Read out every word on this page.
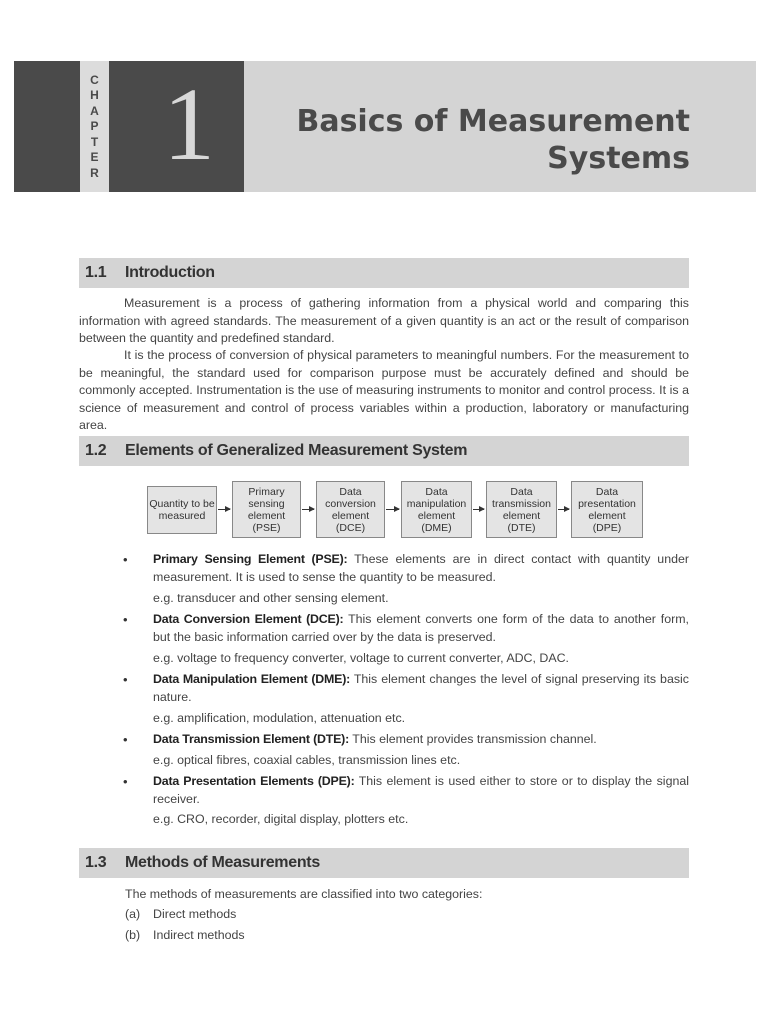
C
H
A
P
T
E
R 1	Basics of Measurement
Systems
1.1	Introduction

Measurement is a process of gathering information from a physical world and comparing this information with agreed standards. The measurement of a given quantity is an act or the result of comparison between the quantity and predefined standard.

It is the process of conversion of physical parameters to meaningful numbers. For the measurement to be meaningful, the standard used for comparison purpose must be accurately defined and should be commonly accepted. Instrumentation is the use of measuring instruments to monitor and control process. It is a science of measurement and control of process variables within a production, laboratory or manufacturing area.

1.2	Elements of Generalized Measurement System
Quantity to be
measured
Primary
sensing
element
(PSE)
Data
conversion
element
(DCE)
Data
manipulation
element
(DME)
Data
transmission
element
(DTE)
Data
presentation
element
(DPE)

• Primary Sensing Element (PSE): These elements are in direct contact with quantity under measurement. It is used to sense the quantity to be measured.

e.g. transducer and other sensing element.

• Data Conversion Element (DCE): This element converts one form of the data to another form, but the basic information carried over by the data is preserved.

e.g. voltage to frequency converter, voltage to current converter, ADC, DAC.

• Data Manipulation Element (DME): This element changes the level of signal preserving its basic nature.

e.g. amplification, modulation, attenuation etc.

• Data Transmission Element (DTE): This element provides transmission channel.

e.g. optical fibres, coaxial cables, transmission lines etc.

• Data Presentation Elements (DPE): This element is used either to store or to display the signal receiver.

e.g. CRO, recorder, digital display, plotters etc.

1.3	Methods of Measurements

The methods of measurements are classified into two categories:

(a) Direct methods

(b) Indirect methods
